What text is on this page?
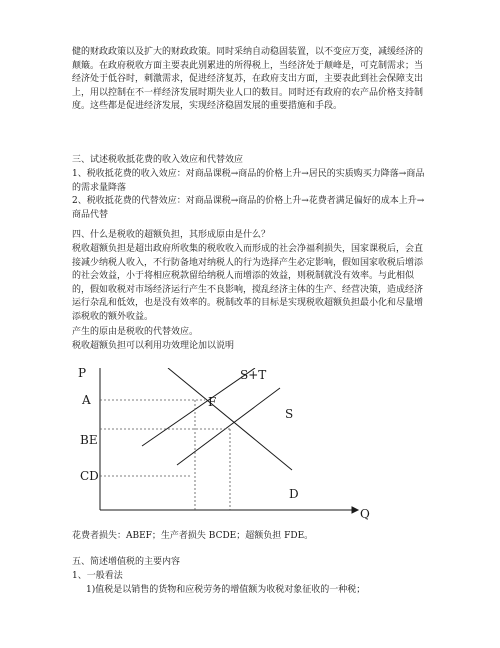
健的财政政策以及扩大的财政政策。同时采纳自动稳固装置，以不变应万变，减缓经济的颠簸。在政府税收方面主要表此别累进的所得税上，当经济处于颠峰是，可克制需求；当经济处于低谷时，刺激需求，促进经济复苏，在政府支出方面，主要表此到社会保障支出上，用以控制在不一样经济发展时期失业人口的数目。同时还有政府的农产品价格支持制度。这些都是促进经济发展，实现经济稳固发展的重要措施和手段。

三、试述税收抵花费的收入效应和代替效应

1、税收抵花费的收入效应：对商品课税→商品的价格上升→居民的实质购买力降落→商品的需求量降落

2、税收抵花费的代替效应：对商品课税→商品的价格上升→花费者满足偏好的成本上升→商品代替

四、什么是税收的超额负担，其形成原由是什么？

税收超额负担是超出政府所收集的税收收入而形成的社会净福利损失，国家课税后，会直接减少纳税人收入，不行防备地对纳税人的行为选择产生必定影响，假如国家收税后增添的社会效益，小于将相应税款留给纳税人而增添的效益，则税制就没有效率。与此相似的，假如收税对市场经济运行产生不良影响，搅乱经济主体的生产、经营决策，造成经济运行杂乱和低效，也是没有效率的。税制改革的目标是实现税收超额负担最小化和尽量增添税收的额外收益。

产生的原由是税收的代替效应。

税收超额负担可以利用功效理论加以说明

P
Q
S+T
S
D
A	F
BE
CD

花费者损失：ABEF；生产者损失 BCDE；超额负担 FDE。

五、简述增值税的主要内容

1、一般看法

1)值税是以销售的货物和应税劳务的增值额为收税对象征收的一种税；
